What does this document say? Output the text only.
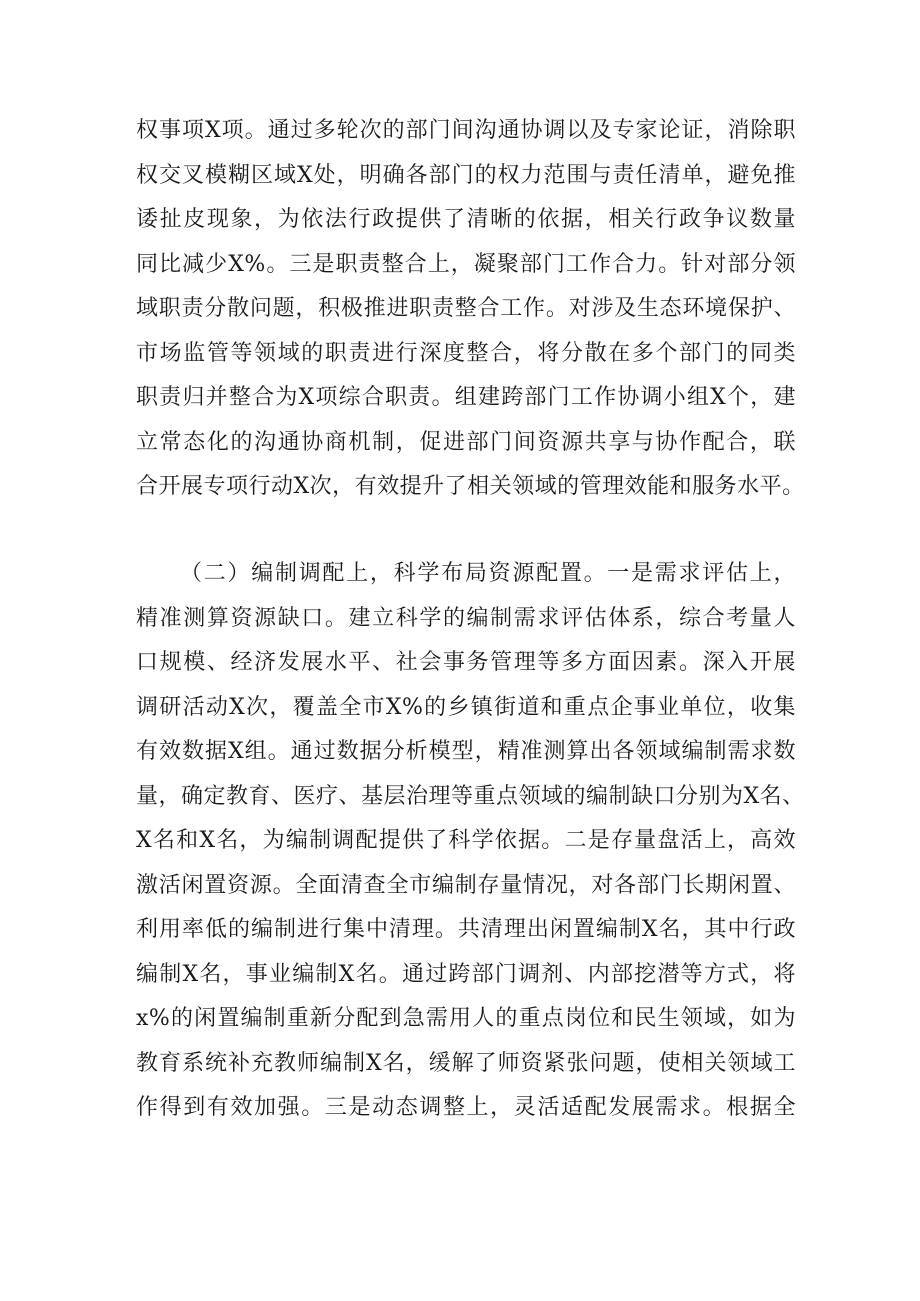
权事项X项。通过多轮次的部门间沟通协调以及专家论证，消除职
权交叉模糊区域X处，明确各部门的权力范围与责任清单，避免推
诿扯皮现象，为依法行政提供了清晰的依据，相关行政争议数量
同比减少X%。三是职责整合上，凝聚部门工作合力。针对部分领
域职责分散问题，积极推进职责整合工作。对涉及生态环境保护、
市场监管等领域的职责进行深度整合，将分散在多个部门的同类
职责归并整合为X项综合职责。组建跨部门工作协调小组X个，建
立常态化的沟通协商机制，促进部门间资源共享与协作配合，联
合开展专项行动X次，有效提升了相关领域的管理效能和服务水平。
（二）编制调配上，科学布局资源配置。一是需求评估上，
精准测算资源缺口。建立科学的编制需求评估体系，综合考量人
口规模、经济发展水平、社会事务管理等多方面因素。深入开展
调研活动X次，覆盖全市X%的乡镇街道和重点企事业单位，收集
有效数据X组。通过数据分析模型，精准测算出各领域编制需求数
量，确定教育、医疗、基层治理等重点领域的编制缺口分别为X名、
X名和X名，为编制调配提供了科学依据。二是存量盘活上，高效
激活闲置资源。全面清查全市编制存量情况，对各部门长期闲置、
利用率低的编制进行集中清理。共清理出闲置编制X名，其中行政
编制X名，事业编制X名。通过跨部门调剂、内部挖潜等方式，将
x%的闲置编制重新分配到急需用人的重点岗位和民生领域，如为
教育系统补充教师编制X名，缓解了师资紧张问题，使相关领域工
作得到有效加强。三是动态调整上，灵活适配发展需求。根据全
